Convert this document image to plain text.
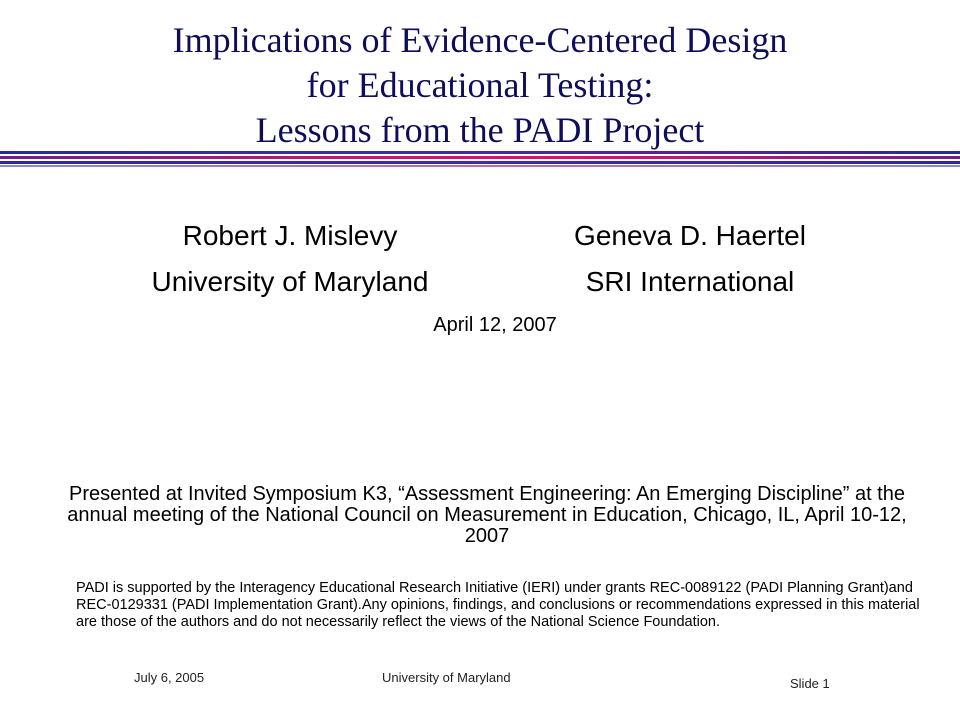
Implications of Evidence-Centered Design
for Educational Testing:
Lessons from the PADI Project
Robert J. Mislevy
University of Maryland
Geneva D. Haertel
SRI International
April 12, 2007
Presented at Invited Symposium K3, “Assessment Engineering: An Emerging Discipline” at the annual meeting of the National Council on Measurement in Education, Chicago, IL, April 10-12, 2007
PADI is supported by the Interagency Educational Research Initiative (IERI) under grants REC-0089122 (PADI Planning Grant)and REC-0129331 (PADI Implementation Grant).Any opinions, findings, and conclusions or recommendations expressed in this material are those of the authors and do not necessarily reflect the views of the National Science Foundation.
July 6, 2005	University of Maryland	Slide 1
